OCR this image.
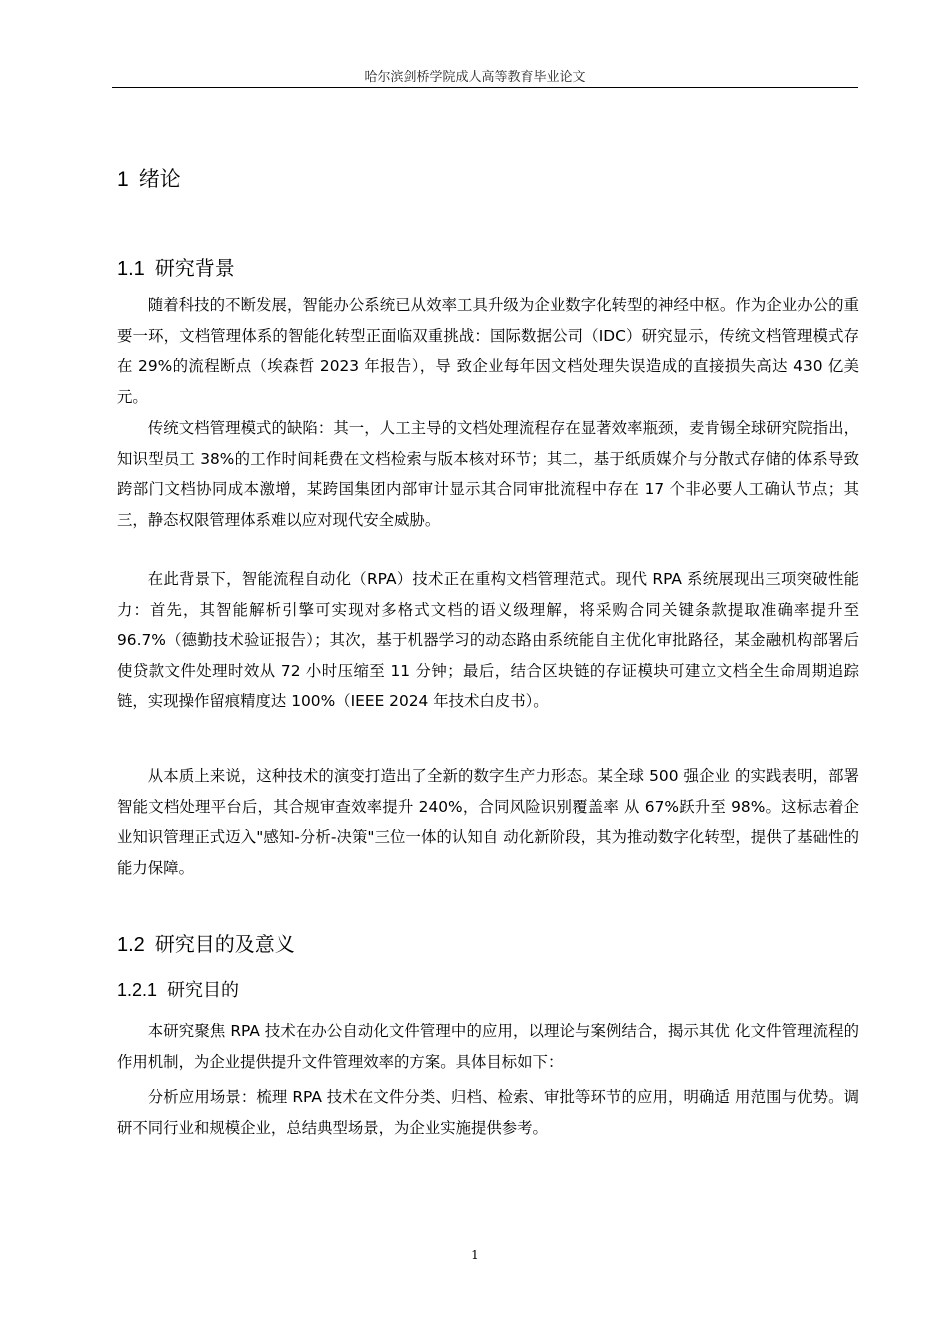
哈尔滨剑桥学院成人高等教育毕业论文
1 绪论
1.1 研究背景

随着科技的不断发展，智能办公系统已从效率工具升级为企业数字化转型的神经中枢。作为企业办公的重要一环，文档管理体系的智能化转型正面临双重挑战：国际数据公司（IDC）研究显示，传统文档管理模式存在 29%的流程断点（埃森哲 2023 年报告），导 致企业每年因文档处理失误造成的直接损失高达 430 亿美元。

传统文档管理模式的缺陷：其一，人工主导的文档处理流程存在显著效率瓶颈，麦肯锡全球研究院指出，知识型员工 38%的工作时间耗费在文档检索与版本核对环节；其二，基于纸质媒介与分散式存储的体系导致跨部门文档协同成本激增，某跨国集团内部审计显示其合同审批流程中存在 17 个非必要人工确认节点；其三，静态权限管理体系难以应对现代安全威胁。

在此背景下，智能流程自动化（RPA）技术正在重构文档管理范式。现代 RPA 系统展现出三项突破性能力：首先，其智能解析引擎可实现对多格式文档的语义级理解，将采购合同关键条款提取准确率提升至 96.7%（德勤技术验证报告）；其次，基于机器学习的动态路由系统能自主优化审批路径，某金融机构部署后使贷款文件处理时效从 72 小时压缩至 11 分钟；最后，结合区块链的存证模块可建立文档全生命周期追踪链，实现操作留痕精度达 100%（IEEE 2024 年技术白皮书）。

从本质上来说，这种技术的演变打造出了全新的数字生产力形态。某全球 500 强企业 的实践表明，部署智能文档处理平台后，其合规审查效率提升 240%，合同风险识别覆盖率 从 67%跃升至 98%。这标志着企业知识管理正式迈入"感知-分析-决策"三位一体的认知自 动化新阶段，其为推动数字化转型，提供了基础性的能力保障。

1.2 研究目的及意义
1.2.1 研究目的

本研究聚焦 RPA 技术在办公自动化文件管理中的应用，以理论与案例结合，揭示其优 化文件管理流程的作用机制，为企业提供提升文件管理效率的方案。具体目标如下：

分析应用场景：梳理 RPA 技术在文件分类、归档、检索、审批等环节的应用，明确适 用范围与优势。调研不同行业和规模企业，总结典型场景，为企业实施提供参考。

1
